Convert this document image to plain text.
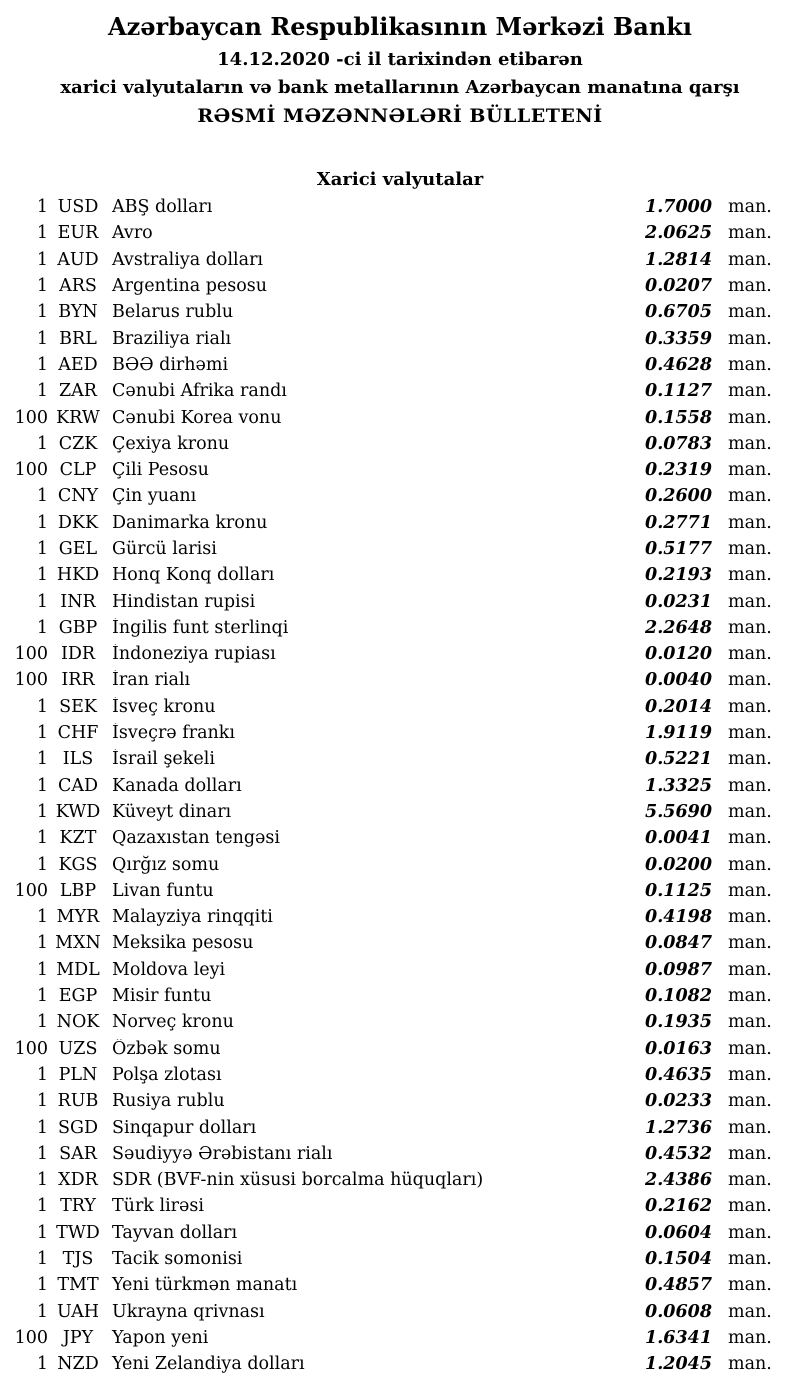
Azərbaycan Respublikasının Mərkəzi Bankı
14.12.2020 -ci il tarixindən etibarən
xarici valyutaların və bank metallarının Azərbaycan manatına qarşı
RƏSMİ MƏZƏNNƏLƏRİ BÜLLETENİ
Xarici valyutalar
1 USD ABŞ dolları	1.7000 man.
1 EUR Avro	2.0625 man.
1 AUD Avstraliya dolları	1.2814 man.
1 ARS Argentina pesosu	0.0207 man.
1 BYN Belarus rublu	0.6705 man.
1 BRL Braziliya rialı	0.3359 man.
1 AED BƏƏ dirhəmi	0.4628 man.
1 ZAR Cənubi Afrika randı	0.1127 man.
100 KRW Cənubi Korea vonu	0.1558 man.
1 CZK Çexiya kronu	0.0783 man.
100 CLP Çili Pesosu	0.2319 man.
1 CNY Çin yuanı	0.2600 man.
1 DKK Danimarka kronu	0.2771 man.
1 GEL Gürcü larisi	0.5177 man.
1 HKD Honq Konq dolları	0.2193 man.
1 INR Hindistan rupisi	0.0231 man.
1 GBP İngilis funt sterlinqi	2.2648 man.
100 IDR İndoneziya rupiası	0.0120 man.
100 IRR İran rialı	0.0040 man.
1 SEK İsveç kronu	0.2014 man.
1 CHF İsveçrə frankı	1.9119 man.
1 ILS	İsrail şekeli	0.5221 man.
1 CAD Kanada dolları	1.3325 man.
1 KWD Küveyt dinarı	5.5690 man.
1 KZT Qazaxıstan tengəsi	0.0041 man.
1 KGS Qırğız somu	0.0200 man.
100 LBP Livan funtu	0.1125 man.
1 MYR Malayziya rinqqiti	0.4198 man.
1 MXN Meksika pesosu	0.0847 man.
1 MDL Moldova leyi	0.0987 man.
1 EGP Misir funtu	0.1082 man.
1 NOK Norveç kronu	0.1935 man.
100 UZS Özbək somu	0.0163 man.
1 PLN Polşa zlotası	0.4635 man.
1 RUB Rusiya rublu	0.0233 man.
1 SGD Sinqapur dolları	1.2736 man.
1 SAR Səudiyyə Ərəbistanı rialı	0.4532 man.
1 XDR SDR (BVF-nin xüsusi borcalma hüquqları)	2.4386 man.
1 TRY Türk lirəsi	0.2162 man.
1 TWD Tayvan dolları	0.0604 man.
1 TJS	Tacik somonisi	0.1504 man.
1 TMT Yeni türkmən manatı	0.4857 man.
1 UAH Ukrayna qrivnası	0.0608 man.
100 JPY	Yapon yeni	1.6341 man.
1 NZD Yeni Zelandiya dolları	1.2045 man.
